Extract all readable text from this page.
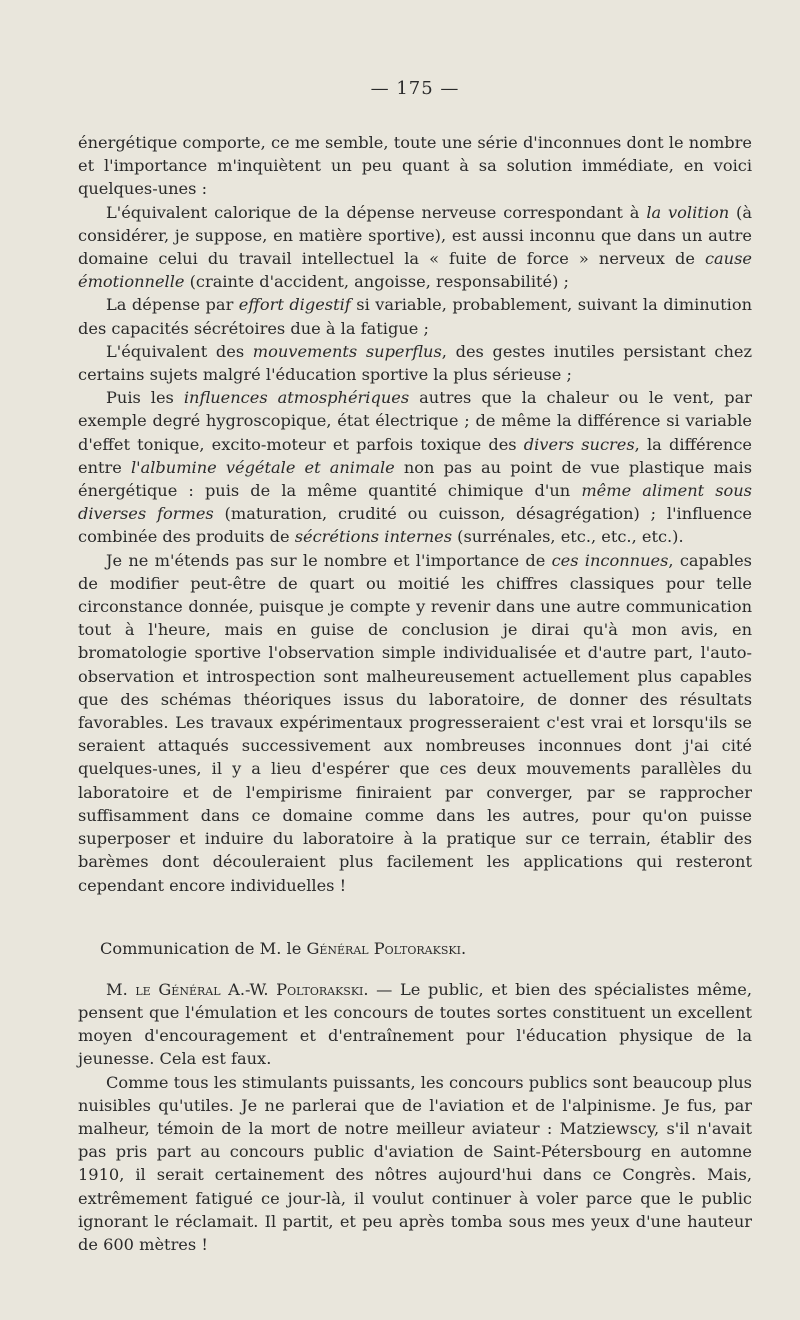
— 175 —

énergétique comporte, ce me semble, toute une série d'inconnues dont le nombre et l'importance m'inquiètent un peu quant à sa solution immédiate, en voici quelques-unes :

L'équivalent calorique de la dépense nerveuse correspondant à la volition (à considérer, je suppose, en matière sportive), est aussi inconnu que dans un autre domaine celui du travail intellectuel la « fuite de force » nerveux de cause émotionnelle (crainte d'accident, angoisse, responsabilité) ;

La dépense par effort digestif si variable, probablement, suivant la diminution des capacités sécrétoires due à la fatigue ;

L'équivalent des mouvements superflus, des gestes inutiles persistant chez certains sujets malgré l'éducation sportive la plus sérieuse ;

Puis les influences atmosphériques autres que la chaleur ou le vent, par exemple degré hygroscopique, état électrique ; de même la différence si variable d'effet tonique, excito-moteur et parfois toxique des divers sucres, la différence entre l'albumine végétale et animale non pas au point de vue plastique mais énergétique : puis de la même quantité chimique d'un même aliment sous diverses formes (maturation, crudité ou cuisson, désagrégation) ; l'influence combinée des produits de sécrétions internes (surrénales, etc., etc., etc.).

Je ne m'étends pas sur le nombre et l'importance de ces inconnues, capables de modifier peut-être de quart ou moitié les chiffres classiques pour telle circonstance donnée, puisque je compte y revenir dans une autre communication tout à l'heure, mais en guise de conclusion je dirai qu'à mon avis, en bromatologie sportive l'observation simple individualisée et d'autre part, l'auto-observation et introspection sont malheureusement actuellement plus capables que des schémas théoriques issus du laboratoire, de donner des résultats favorables. Les travaux expérimentaux progresseraient c'est vrai et lorsqu'ils se seraient attaqués successivement aux nombreuses inconnues dont j'ai cité quelques-unes, il y a lieu d'espérer que ces deux mouvements parallèles du laboratoire et de l'empirisme finiraient par converger, par se rapprocher suffisamment dans ce domaine comme dans les autres, pour qu'on puisse superposer et induire du laboratoire à la pratique sur ce terrain, établir des barèmes dont découleraient plus facilement les applications qui resteront cependant encore individuelles !

Communication de M. le Général Poltorakski.

M. le Général A.-W. Poltorakski. — Le public, et bien des spécialistes même, pensent que l'émulation et les concours de toutes sortes constituent un excellent moyen d'encouragement et d'entraînement pour l'éducation physique de la jeunesse. Cela est faux.

Comme tous les stimulants puissants, les concours publics sont beaucoup plus nuisibles qu'utiles. Je ne parlerai que de l'aviation et de l'alpinisme. Je fus, par malheur, témoin de la mort de notre meilleur aviateur : Matziewscy, s'il n'avait pas pris part au concours public d'aviation de Saint-Pétersbourg en automne 1910, il serait certainement des nôtres aujourd'hui dans ce Congrès. Mais, extrêmement fatigué ce jour-là, il voulut continuer à voler parce que le public ignorant le réclamait. Il partit, et peu après tomba sous mes yeux d'une hauteur de 600 mètres !
